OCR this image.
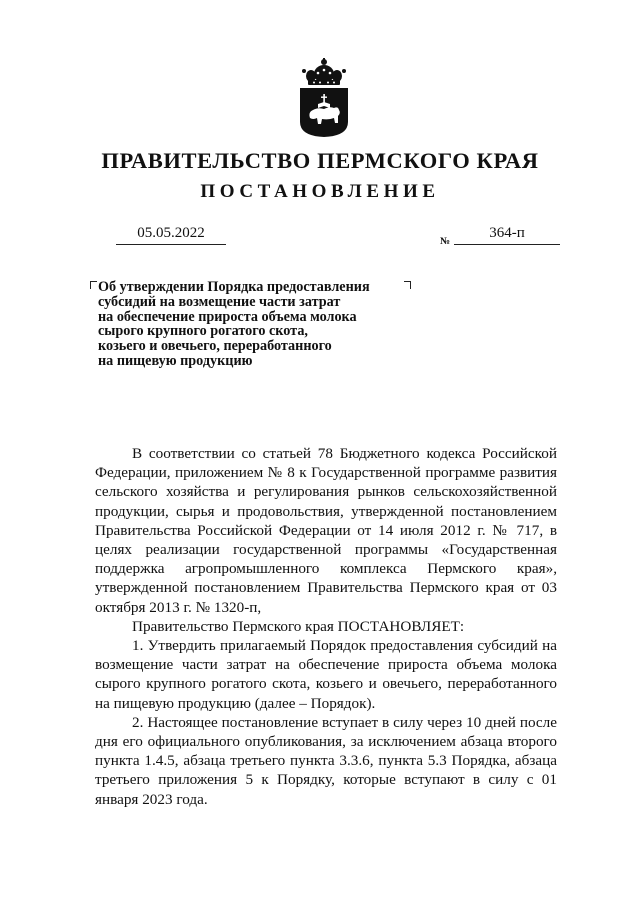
ПРАВИТЕЛЬСТВО ПЕРМСКОГО КРАЯ
ПОСТАНОВЛЕНИЕ
05.05.2022
№
364-п

Об утверждении Порядка предоставления

субсидий на возмещение части затрат

на обеспечение прироста объема молока

сырого крупного рогатого скота,

козьего и овечьего, переработанного

на пищевую продукцию

В соответствии со статьей 78 Бюджетного кодекса Российской Федерации, приложением № 8 к Государственной программе развития сельского хозяйства и регулирования рынков сельскохозяйственной продукции, сырья и продовольствия, утвержденной постановлением Правительства Российской Федерации от 14 июля 2012 г. № 717, в целях реализации государственной программы «Государственная поддержка агропромышленного комплекса Пермского края», утвержденной постановлением Правительства Пермского края от 03 октября 2013 г. № 1320-п,

Правительство Пермского края ПОСТАНОВЛЯЕТ:

1. Утвердить прилагаемый Порядок предоставления субсидий на возмещение части затрат на обеспечение прироста объема молока сырого крупного рогатого скота, козьего и овечьего, переработанного на пищевую продукцию (далее – Порядок).

2. Настоящее постановление вступает в силу через 10 дней после дня его официального опубликования, за исключением абзаца второго пункта 1.4.5, абзаца третьего пункта 3.3.6, пункта 5.3 Порядка, абзаца третьего приложения 5 к Порядку, которые вступают в силу с 01 января 2023 года.
